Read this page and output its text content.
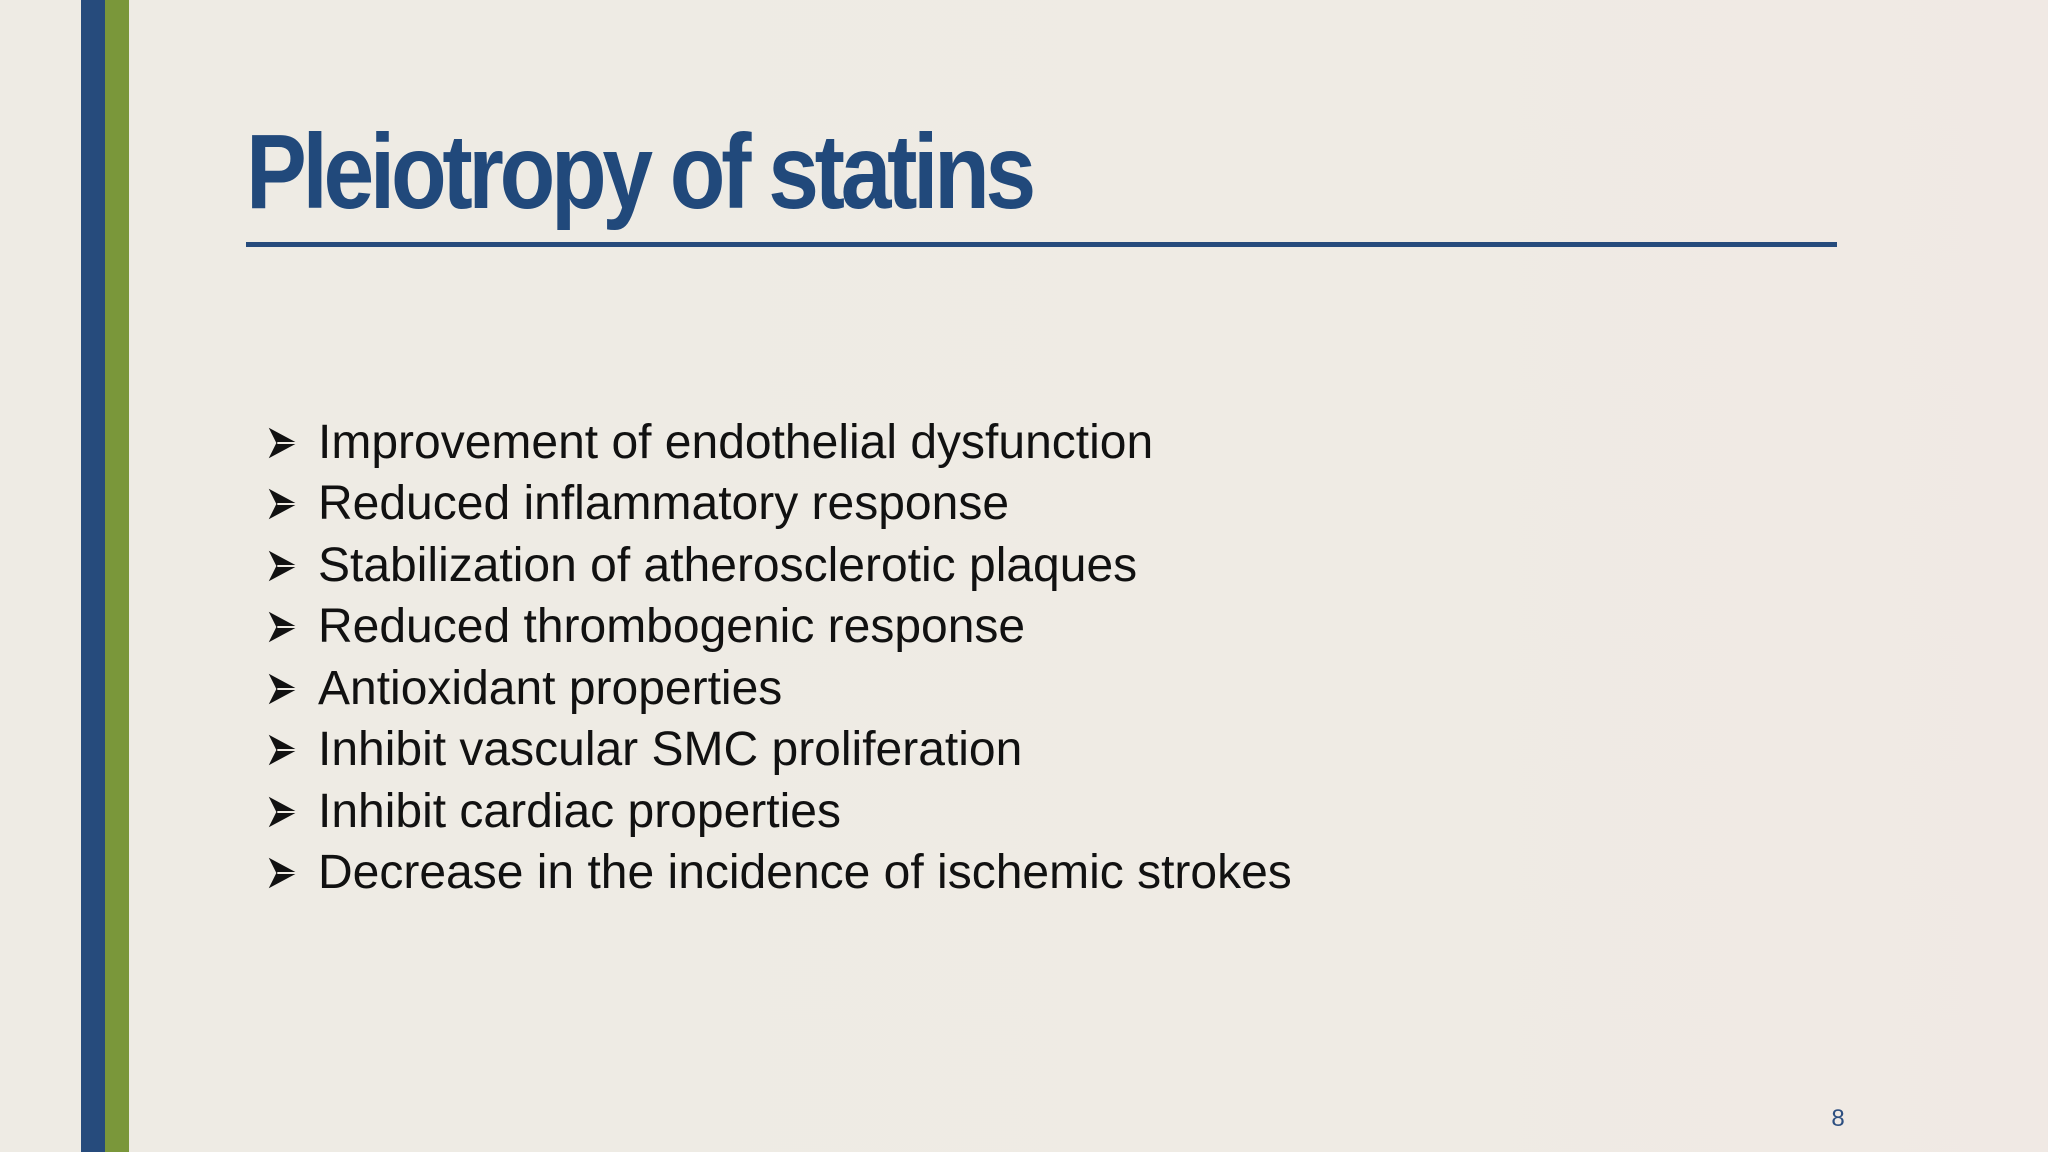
Pleiotropy of statins
Improvement of endothelial dysfunction
Reduced inflammatory response
Stabilization of atherosclerotic plaques
Reduced thrombogenic response
Antioxidant properties
Inhibit vascular SMC proliferation
Inhibit cardiac properties
Decrease in the incidence of ischemic strokes
8
